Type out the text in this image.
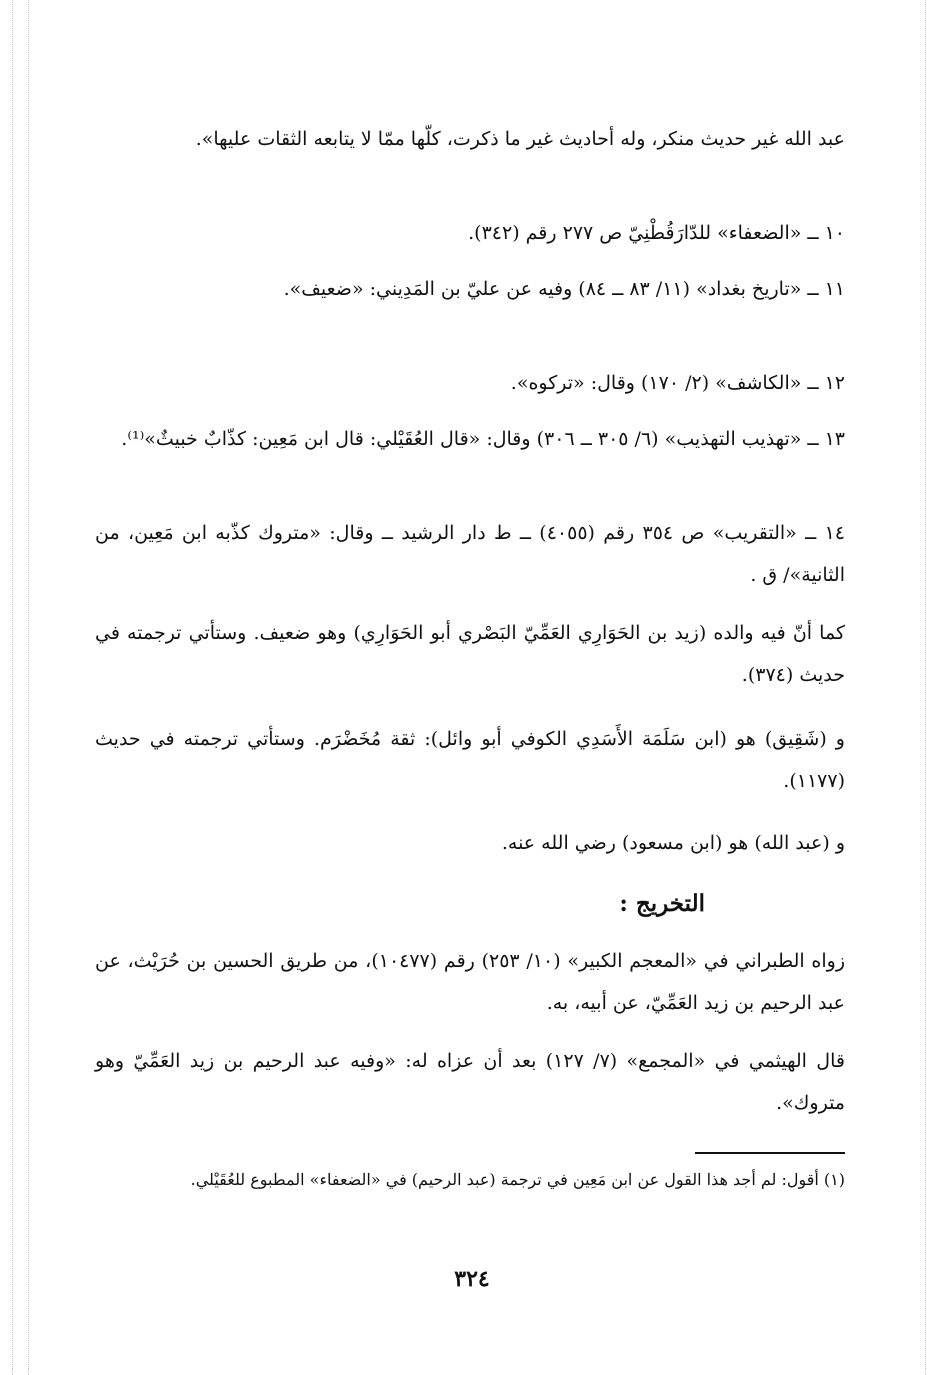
عبد الله غير حديث منكر، وله أحاديث غير ما ذكرت، كلّها ممّا لا يتابعه الثقات عليها».

١٠ ــ «الضعفاء» للدّارَقُطْنِيّ ص ٢٧٧ رقم (٣٤٢).

١١ ــ «تاريخ بغداد» (١١/ ٨٣ ــ ٨٤) وفيه عن عليّ بن المَدِيني: «ضعيف».

١٢ ــ «الكاشف» (٢/ ١٧٠) وقال: «تركوه».

١٣ ــ «تهذيب التهذيب» (٦/ ٣٠٥ ــ ٣٠٦) وقال: «قال العُقَيْلي: قال ابن مَعِين: كذّابٌ خبيثٌ»⁽¹⁾.

١٤ ــ «التقريب» ص ٣٥٤ رقم (٤٠٥٥) ــ ط دار الرشيد ــ وقال: «متروك كذّبه ابن مَعِين، من الثانية»/ ق .

كما أنّ فيه والده (زيد بن الحَوَارِي العَمِّيّ البَصْري أبو الحَوَارِي) وهو ضعيف. وستأتي ترجمته في حديث (٣٧٤).

و (شَقِيق) هو (ابن سَلَمَة الأَسَدِي الكوفي أبو وائل): ثقة مُخَضْرَم. وستأتي ترجمته في حديث (١١٧٧).

و (عبد الله) هو (ابن مسعود) رضي الله عنه.

التخريج :

زواه الطبراني في «المعجم الكبير» (١٠/ ٢٥٣) رقم (١٠٤٧٧)، من طريق الحسين بن حُرَيْث، عن عبد الرحيم بن زيد العَمِّيّ، عن أبيه، به.

قال الهيثمي في «المجمع» (٧/ ١٢٧) بعد أن عزاه له: «وفيه عبد الرحيم بن زيد العَمِّيّ وهو متروك».

(١) أقول: لم أجد هذا القول عن ابن مَعِين في ترجمة (عبد الرحيم) في «الضعفاء» المطبوع للعُقَيْلي.

٣٢٤
